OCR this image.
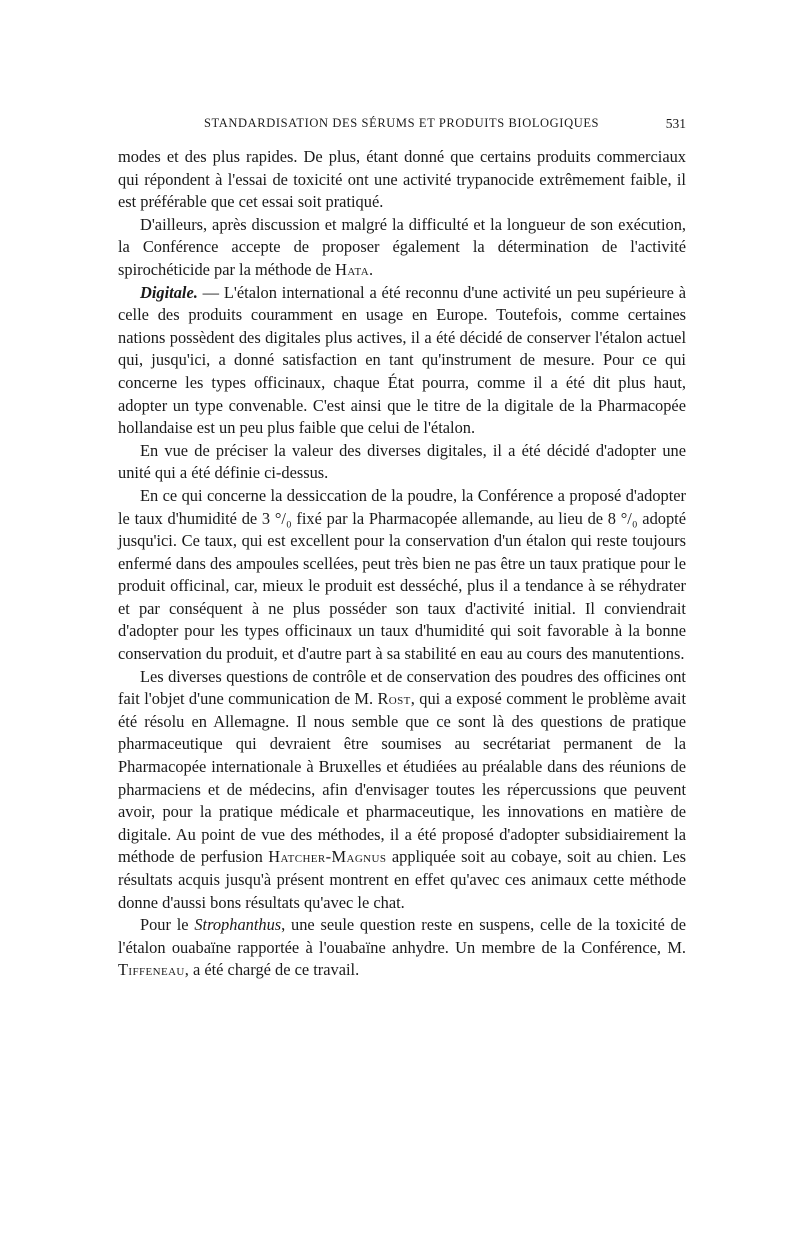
STANDARDISATION DES SÉRUMS ET PRODUITS BIOLOGIQUES	531

modes et des plus rapides. De plus, étant donné que certains produits commerciaux qui répondent à l'essai de toxicité ont une activité trypanocide extrêmement faible, il est préférable que cet essai soit pratiqué.

D'ailleurs, après discussion et malgré la difficulté et la longueur de son exécution, la Conférence accepte de proposer également la détermination de l'activité spirochéticide par la méthode de Hata.

Digitale. — L'étalon international a été reconnu d'une activité un peu supérieure à celle des produits couramment en usage en Europe. Toutefois, comme certaines nations possèdent des digitales plus actives, il a été décidé de conserver l'étalon actuel qui, jusqu'ici, a donné satisfaction en tant qu'instrument de mesure. Pour ce qui concerne les types officinaux, chaque État pourra, comme il a été dit plus haut, adopter un type convenable. C'est ainsi que le titre de la digitale de la Pharmacopée hollandaise est un peu plus faible que celui de l'étalon.

En vue de préciser la valeur des diverses digitales, il a été décidé d'adopter une unité qui a été définie ci-dessus.

En ce qui concerne la dessiccation de la poudre, la Conférence a proposé d'adopter le taux d'humidité de 3 °/₀ fixé par la Pharmacopée allemande, au lieu de 8 °/₀ adopté jusqu'ici. Ce taux, qui est excellent pour la conservation d'un étalon qui reste toujours enfermé dans des ampoules scellées, peut très bien ne pas être un taux pratique pour le produit officinal, car, mieux le produit est desséché, plus il a tendance à se réhydrater et par conséquent à ne plus posséder son taux d'activité initial. Il conviendrait d'adopter pour les types officinaux un taux d'humidité qui soit favorable à la bonne conservation du produit, et d'autre part à sa stabilité en eau au cours des manutentions.

Les diverses questions de contrôle et de conservation des poudres des officines ont fait l'objet d'une communication de M. Rost, qui a exposé comment le problème avait été résolu en Allemagne. Il nous semble que ce sont là des questions de pratique pharmaceutique qui devraient être soumises au secrétariat permanent de la Pharmacopée internationale à Bruxelles et étudiées au préalable dans des réunions de pharmaciens et de médecins, afin d'envisager toutes les répercussions que peuvent avoir, pour la pratique médicale et pharmaceutique, les innovations en matière de digitale. Au point de vue des méthodes, il a été proposé d'adopter subsidiairement la méthode de perfusion Hatcher-Magnus appliquée soit au cobaye, soit au chien. Les résultats acquis jusqu'à présent montrent en effet qu'avec ces animaux cette méthode donne d'aussi bons résultats qu'avec le chat.

Pour le Strophanthus, une seule question reste en suspens, celle de la toxicité de l'étalon ouabaïne rapportée à l'ouabaïne anhydre. Un membre de la Conférence, M. Tiffeneau, a été chargé de ce travail.
